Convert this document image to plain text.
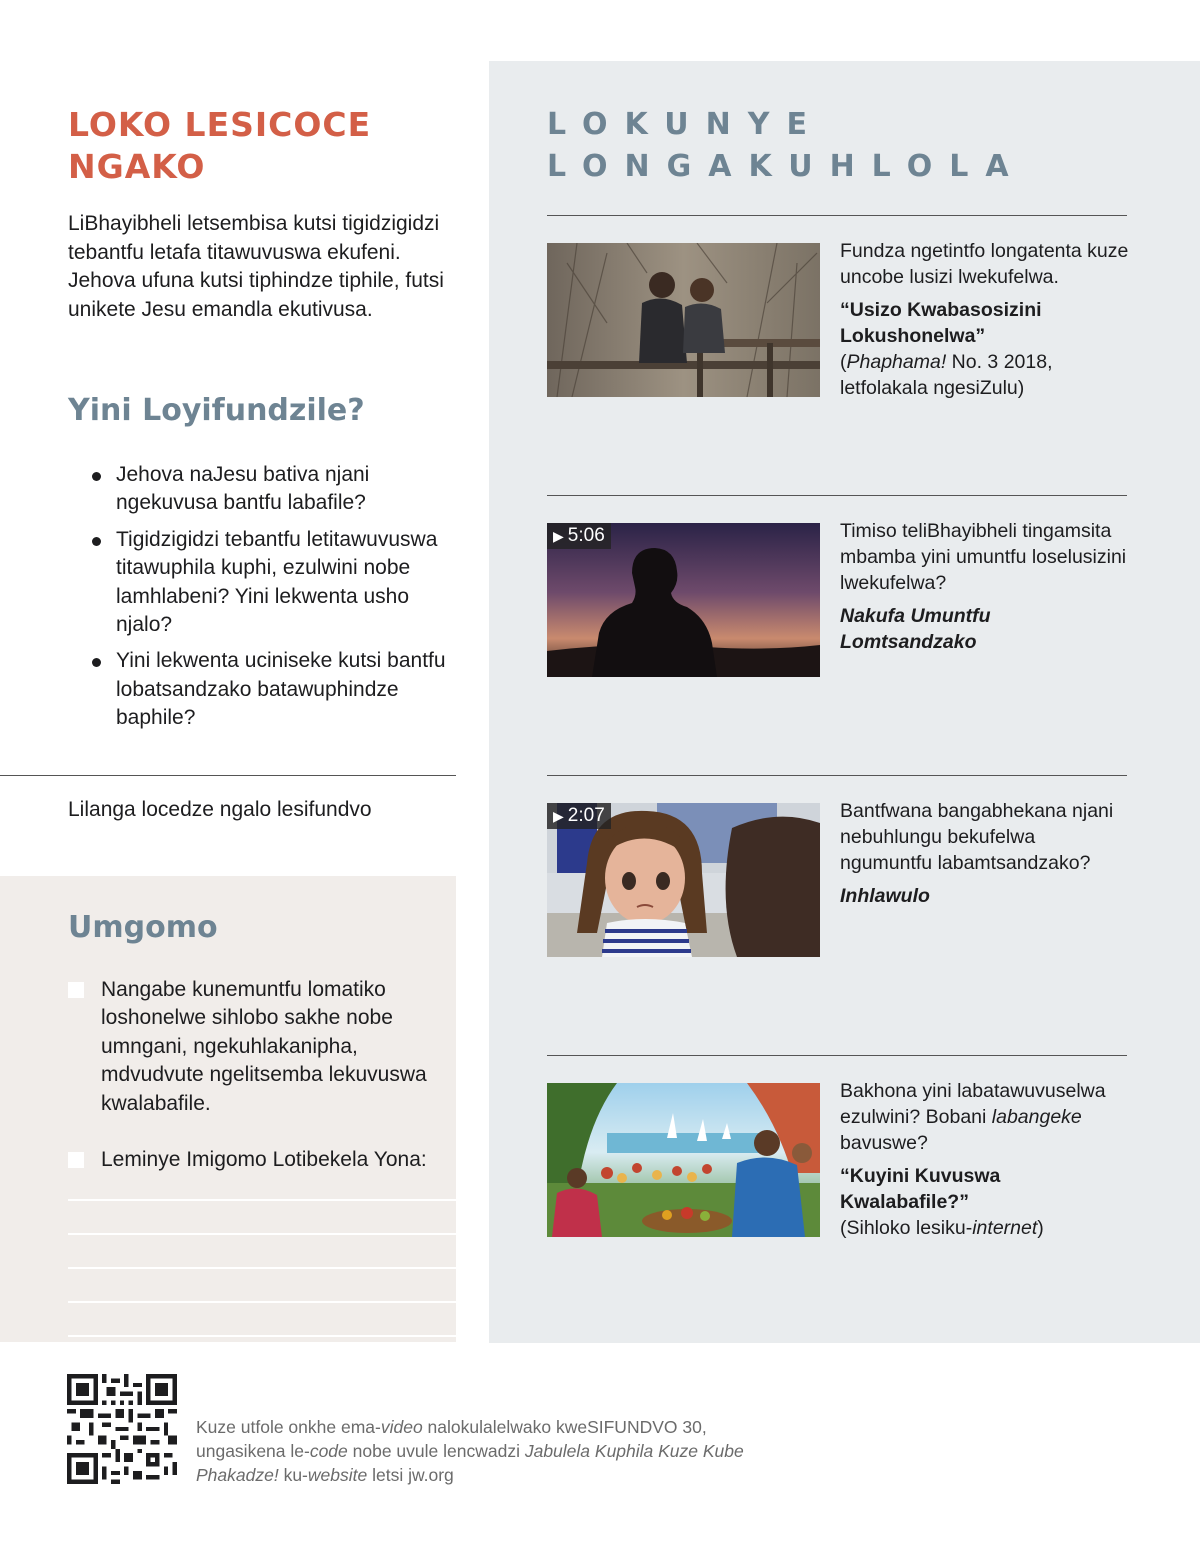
LOKO LESICOCE
NGAKO

LiBhayibheli letsembisa kutsi tigidzigidzi tebantfu letafa titawuvuswa ekufeni. Jehova ufuna kutsi tiphindze tiphile, futsi unikete Jesu emandla ekutivusa.

Yini Loyifundzile?
Jehova naJesu bativa njani ngekuvusa bantfu labafile?
Tigidzigidzi tebantfu letitawuvuswa titawuphila kuphi, ezulwini nobe lamhlabeni? Yini lekwenta usho njalo?
Yini lekwenta uciniseke kutsi bantfu lobatsandzako batawuphindze baphile?
Lilanga locedze ngalo lesifundvo
Umgomo
Nangabe kunemuntfu lomatiko loshonelwe sihlobo sakhe nobe umngani, ngekuhlakanipha, mdvudvute ngelitsemba lekuvuswa kwalabafile.
Leminye Imigomo Lotibekela Yona:
LOKUNYE
LONGAKUHLOLA

Fundza ngetintfo longatenta kuze uncobe lusizi lwekufelwa.

“Usizo Kwabasosizini Lokushonelwa”

(Phaphama! No. 3 2018, letfolakala ngesiZulu)

▶ 5:06	Timiso teliBhayibheli tingamsita mbamba yini umuntfu loselusizini lwekufelwa?

Nakufa Umuntfu Lomtsandzako

▶ 2:07	Bantfwana bangabhekana njani nebuhlungu bekufelwa ngumuntfu labamtsandzako?

Inhlawulo

Bakhona yini labatawuvuselwa ezulwini? Bobani labangeke bavuswe?

“Kuyini Kuvuswa Kwalabafile?”

(Sihloko lesiku-internet)

Kuze utfole onkhe ema-video nalokulalelwako kweSIFUNDVO 30, ungasikena le-code nobe uvule lencwadzi Jabulela Kuphila Kuze Kube Phakadze! ku-website letsi jw.org
